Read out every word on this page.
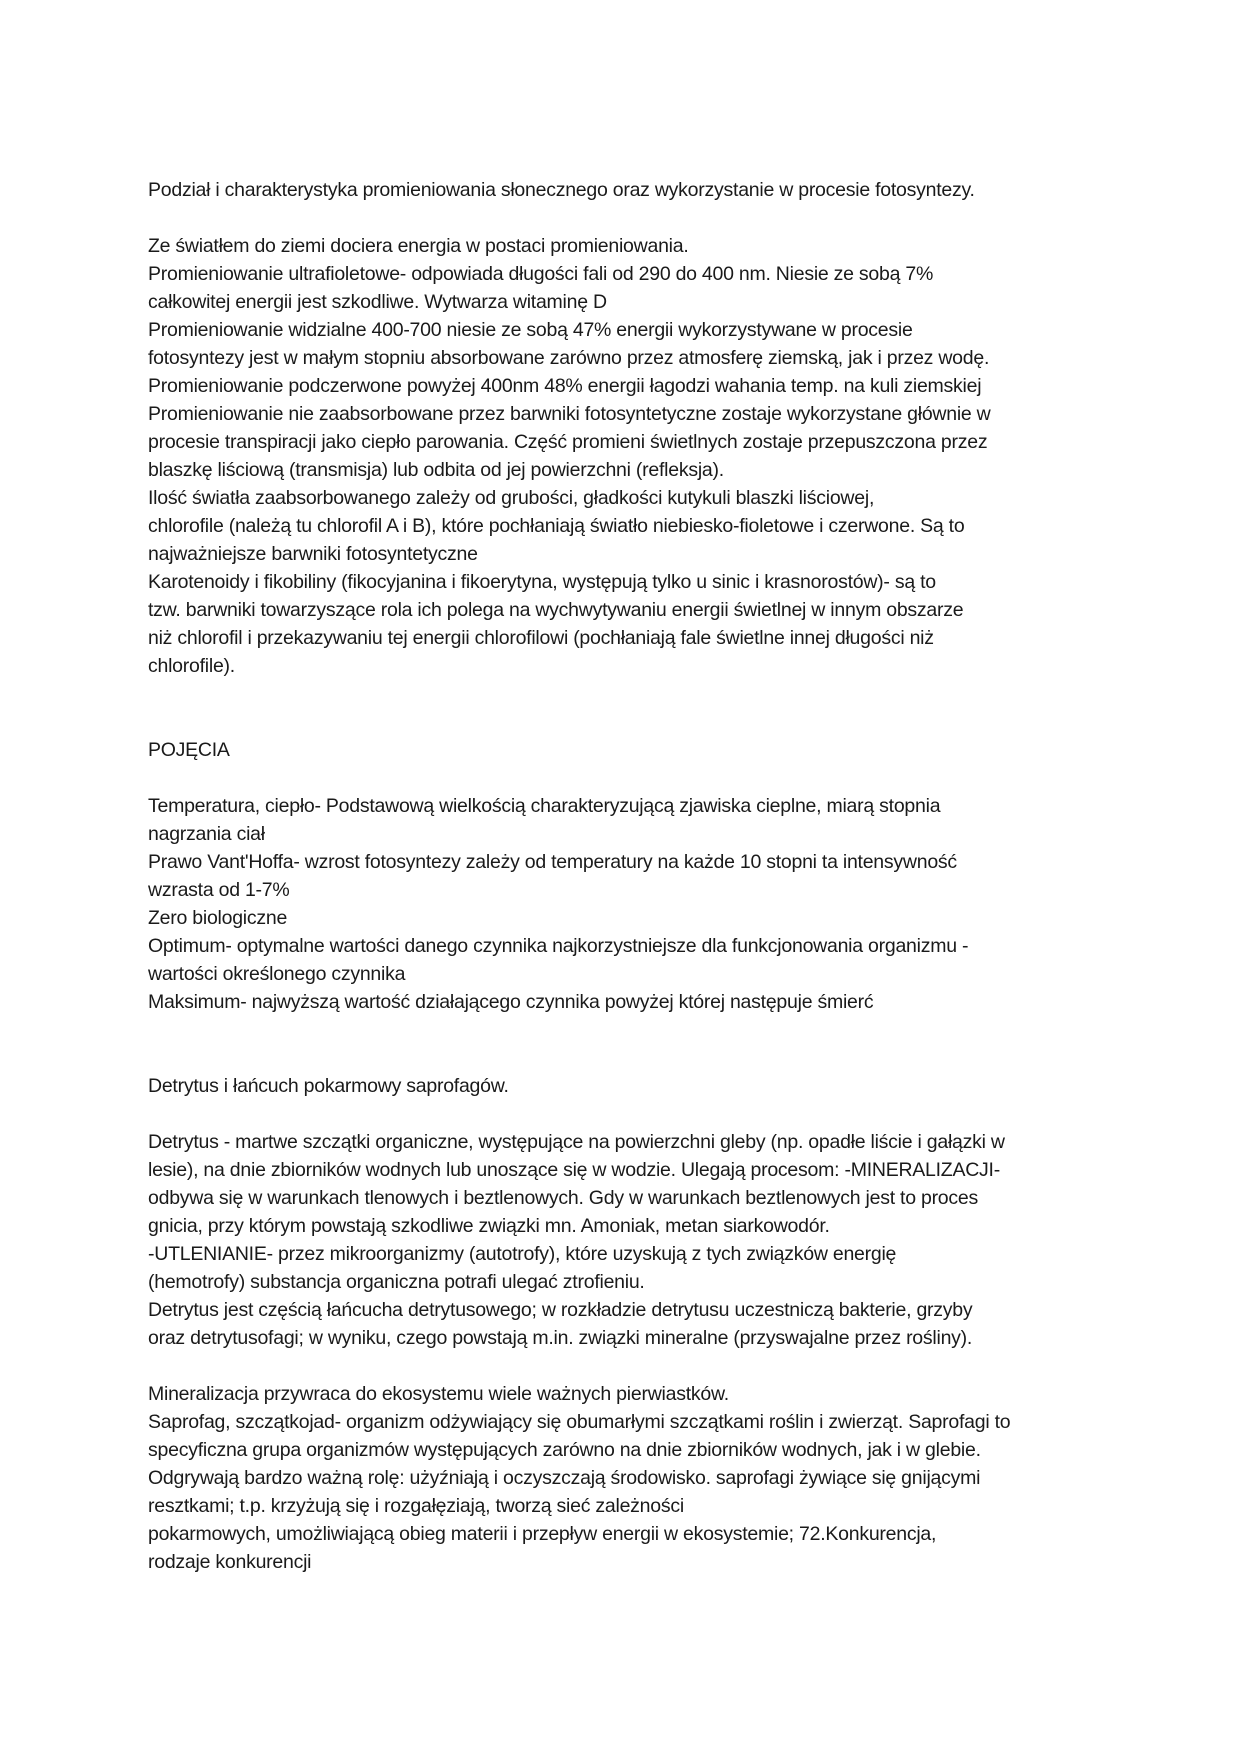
Podział i charakterystyka promieniowania słonecznego oraz wykorzystanie w procesie fotosyntezy.
Ze światłem do ziemi dociera energia w postaci promieniowania.
Promieniowanie ultrafioletowe- odpowiada długości fali od 290 do 400 nm. Niesie ze sobą 7%
całkowitej energii jest szkodliwe. Wytwarza witaminę D
Promieniowanie widzialne 400-700 niesie ze sobą 47% energii wykorzystywane w procesie
fotosyntezy jest w małym stopniu absorbowane zarówno przez atmosferę ziemską, jak i przez wodę.
Promieniowanie podczerwone powyżej 400nm 48% energii łagodzi wahania temp. na kuli ziemskiej
Promieniowanie nie zaabsorbowane przez barwniki fotosyntetyczne zostaje wykorzystane głównie w
procesie transpiracji jako ciepło parowania. Część promieni świetlnych zostaje przepuszczona przez
blaszkę liściową (transmisja) lub odbita od jej powierzchni (refleksja).
Ilość światła zaabsorbowanego zależy od grubości, gładkości kutykuli blaszki liściowej,
chlorofile (należą tu chlorofil A i B), które pochłaniają światło niebiesko-fioletowe i czerwone. Są to
najważniejsze barwniki fotosyntetyczne
Karotenoidy i fikobiliny (fikocyjanina i fikoerytyna, występują tylko u sinic i krasnorostów)- są to
tzw. barwniki towarzyszące rola ich polega na wychwytywaniu energii świetlnej w innym obszarze
niż chlorofil i przekazywaniu tej energii chlorofilowi (pochłaniają fale świetlne innej długości niż
chlorofile).
POJĘCIA
Temperatura, ciepło- Podstawową wielkością charakteryzującą zjawiska cieplne, miarą stopnia
nagrzania ciał
Prawo Vant'Hoffa- wzrost fotosyntezy zależy od temperatury na każde 10 stopni ta intensywność
wzrasta od 1-7%
Zero biologiczne
Optimum- optymalne wartości danego czynnika najkorzystniejsze dla funkcjonowania organizmu -
wartości określonego czynnika
Maksimum- najwyższą wartość działającego czynnika powyżej której następuje śmierć
Detrytus i łańcuch pokarmowy saprofagów.
Detrytus - martwe szczątki organiczne, występujące na powierzchni gleby (np. opadłe liście i gałązki w
lesie), na dnie zbiorników wodnych lub unoszące się w wodzie. Ulegają procesom: -MINERALIZACJI-
odbywa się w warunkach tlenowych i beztlenowych. Gdy w warunkach beztlenowych jest to proces
gnicia, przy którym powstają szkodliwe związki mn. Amoniak, metan siarkowodór.
-UTLENIANIE- przez mikroorganizmy (autotrofy), które uzyskują z tych związków energię
(hemotrofy) substancja organiczna potrafi ulegać ztrofieniu.
Detrytus jest częścią łańcucha detrytusowego; w rozkładzie detrytusu uczestniczą bakterie, grzyby
oraz detrytusofagi; w wyniku, czego powstają m.in. związki mineralne (przyswajalne przez rośliny).
Mineralizacja przywraca do ekosystemu wiele ważnych pierwiastków.
Saprofag, szczątkojad- organizm odżywiający się obumarłymi szczątkami roślin i zwierząt. Saprofagi to
specyficzna grupa organizmów występujących zarówno na dnie zbiorników wodnych, jak i w glebie.
Odgrywają bardzo ważną rolę: użyźniają i oczyszczają środowisko. saprofagi żywiące się gnijącymi
resztkami; t.p. krzyżują się i rozgałęziają, tworzą sieć zależności
pokarmowych, umożliwiającą obieg materii i przepływ energii w ekosystemie; 72.Konkurencja,
rodzaje konkurencji
